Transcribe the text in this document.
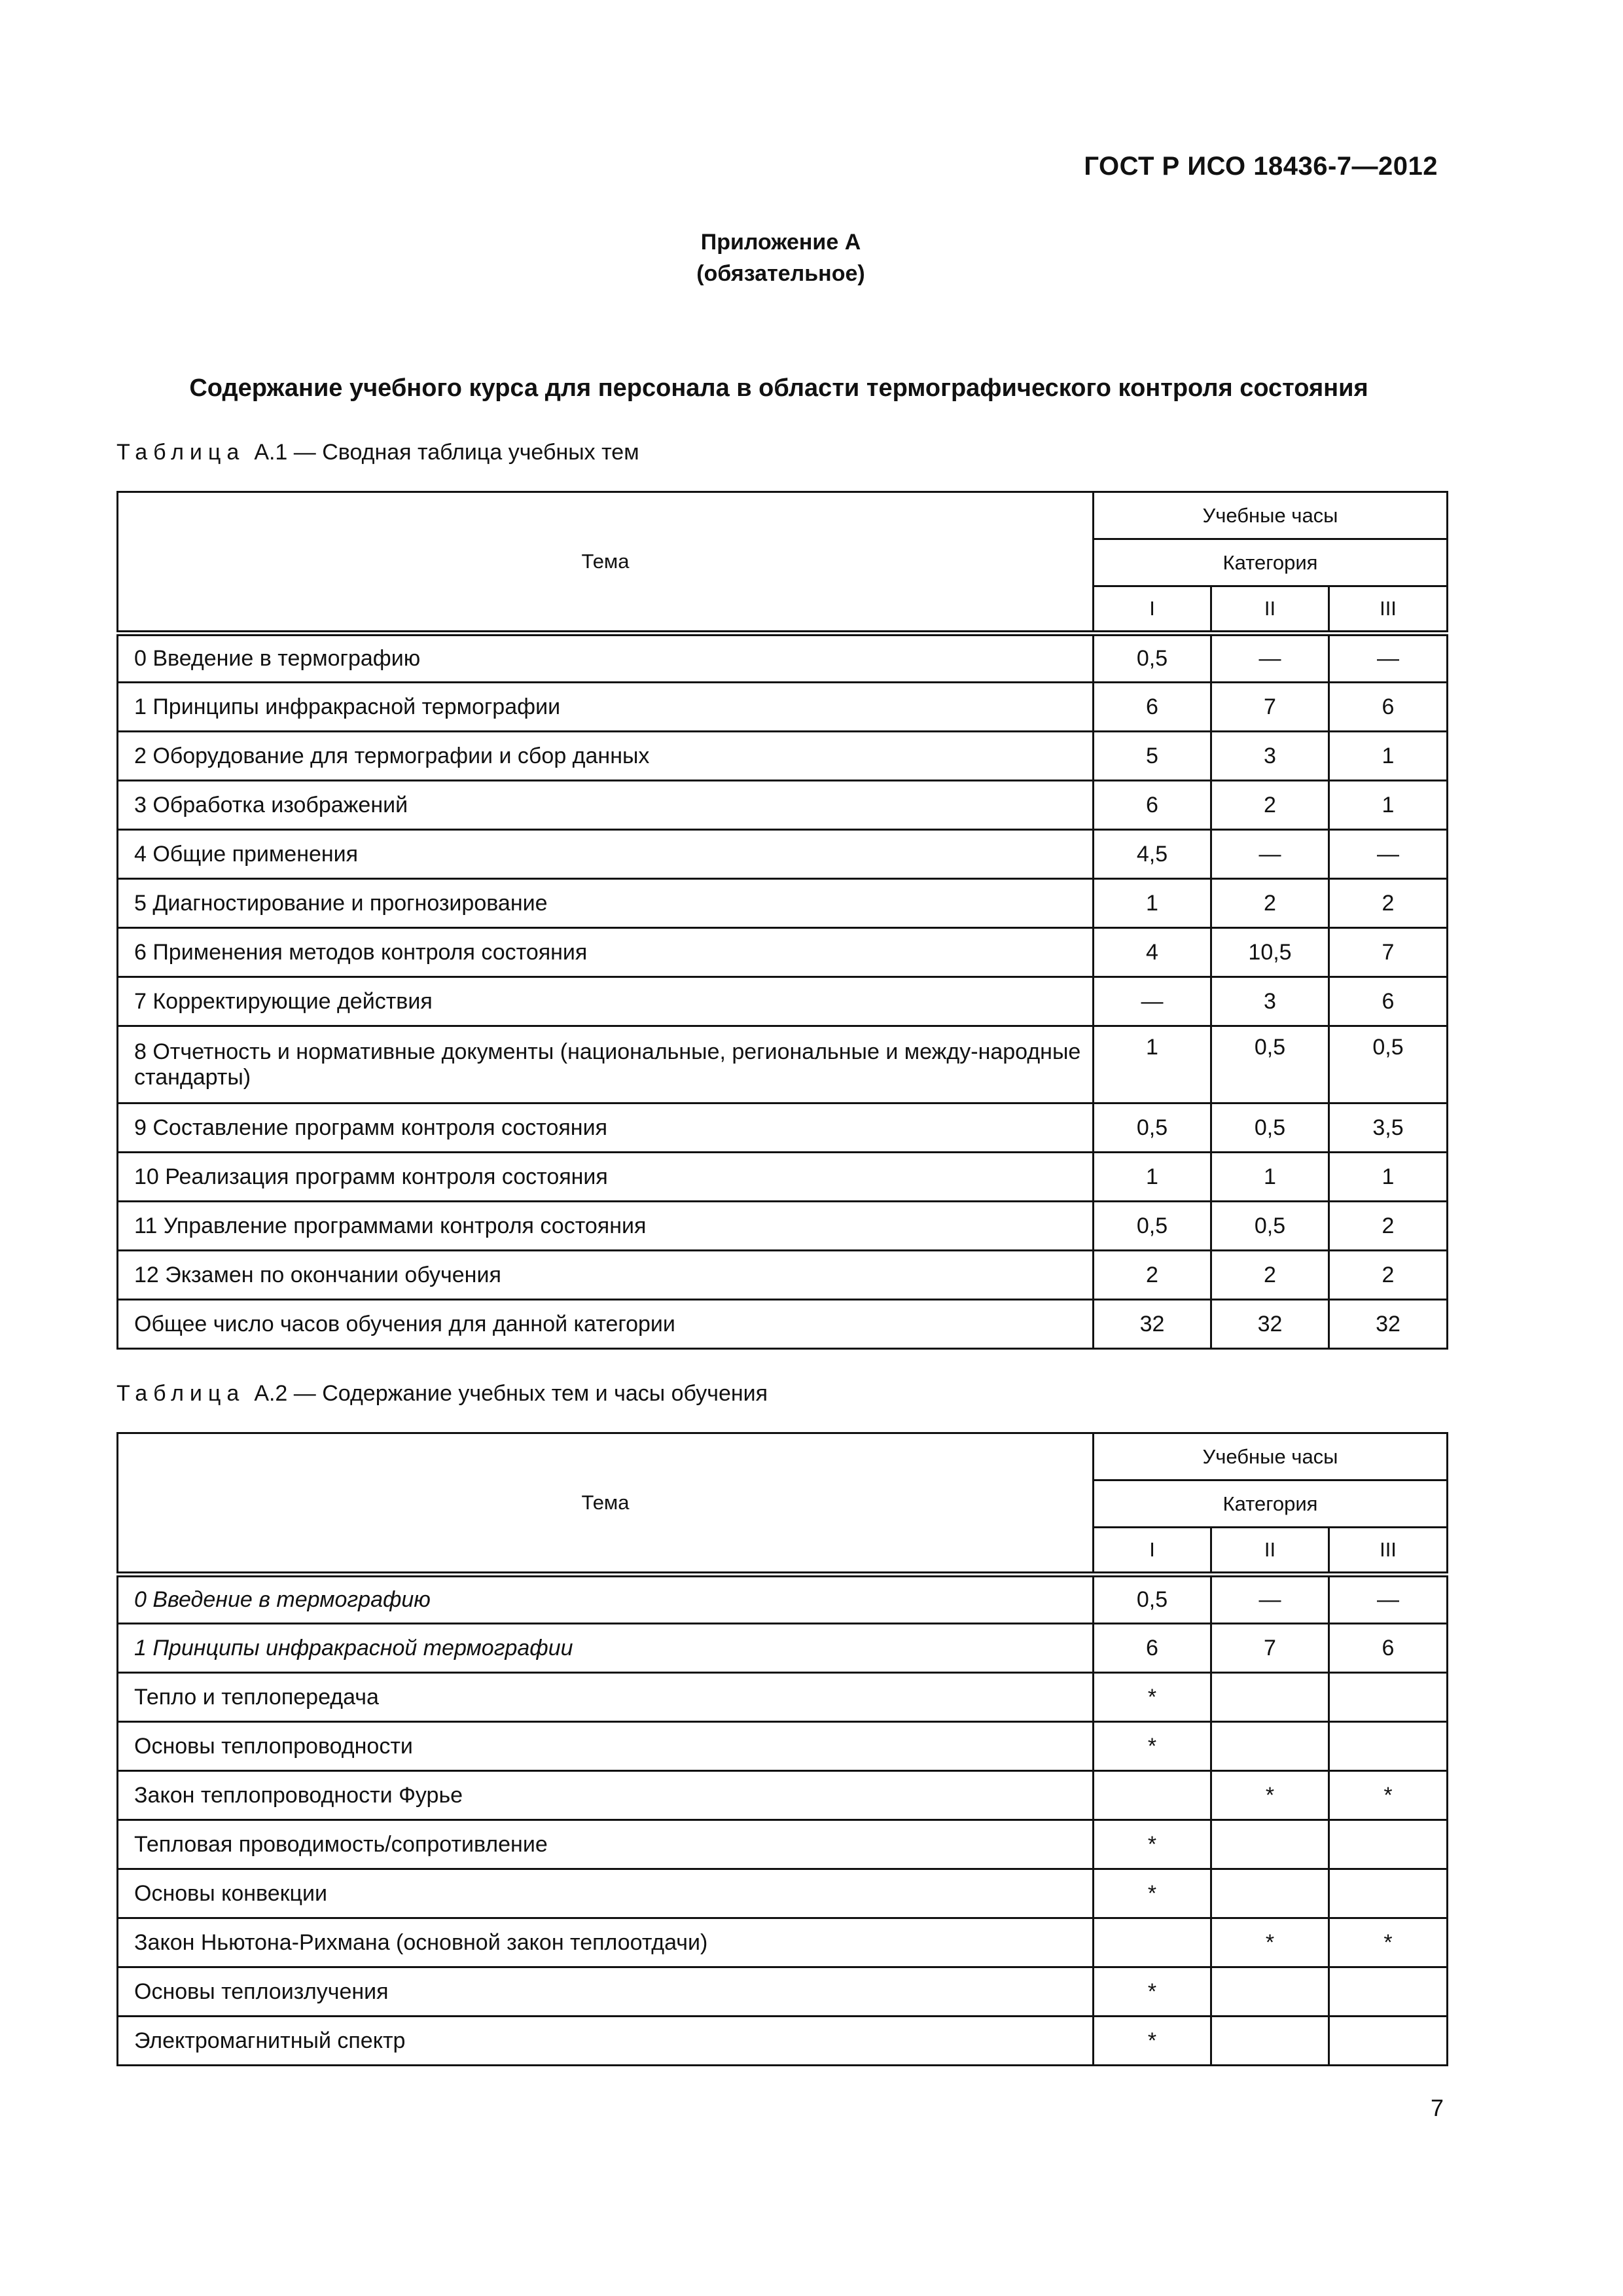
ГОСТ Р ИСО 18436-7—2012
Приложение А
(обязательное)
Содержание учебного курса для персонала в области термографического контроля состояния
Таблица А.1 — Сводная таблица учебных тем
Тема	Учебные часы		
	Категория		
	I	II	III
0 Введение в термографию	0,5	—	—
1 Принципы инфракрасной термографии	6	7	6
2 Оборудование для термографии и сбор данных	5	3	1
3 Обработка изображений	6	2	1
4 Общие применения	4,5	—	—
5 Диагностирование и прогнозирование	1	2	2
6 Применения методов контроля состояния	4	10,5	7
7 Корректирующие действия	—	3	6
8 Отчетность и нормативные документы (национальные, региональные и между-народные стандарты)	1	0,5	0,5
9 Составление программ контроля состояния	0,5	0,5	3,5
10 Реализация программ контроля состояния	1	1	1
11 Управление программами контроля состояния	0,5	0,5	2
12 Экзамен по окончании обучения	2	2	2
Общее число часов обучения для данной категории	32	32	32
Таблица А.2 — Содержание учебных тем и часы обучения
Тема	Учебные часы		
	Категория		
	I	II	III
0 Введение в термографию	0,5	—	—
1 Принципы инфракрасной термографии	6	7	6
Тепло и теплопередача	*		
Основы теплопроводности	*		
Закон теплопроводности Фурье		*	*
Тепловая проводимость/сопротивление	*		
Основы конвекции	*		
Закон Ньютона-Рихмана (основной закон теплоотдачи)		*	*
Основы теплоизлучения	*		
Электромагнитный спектр	*		
7
